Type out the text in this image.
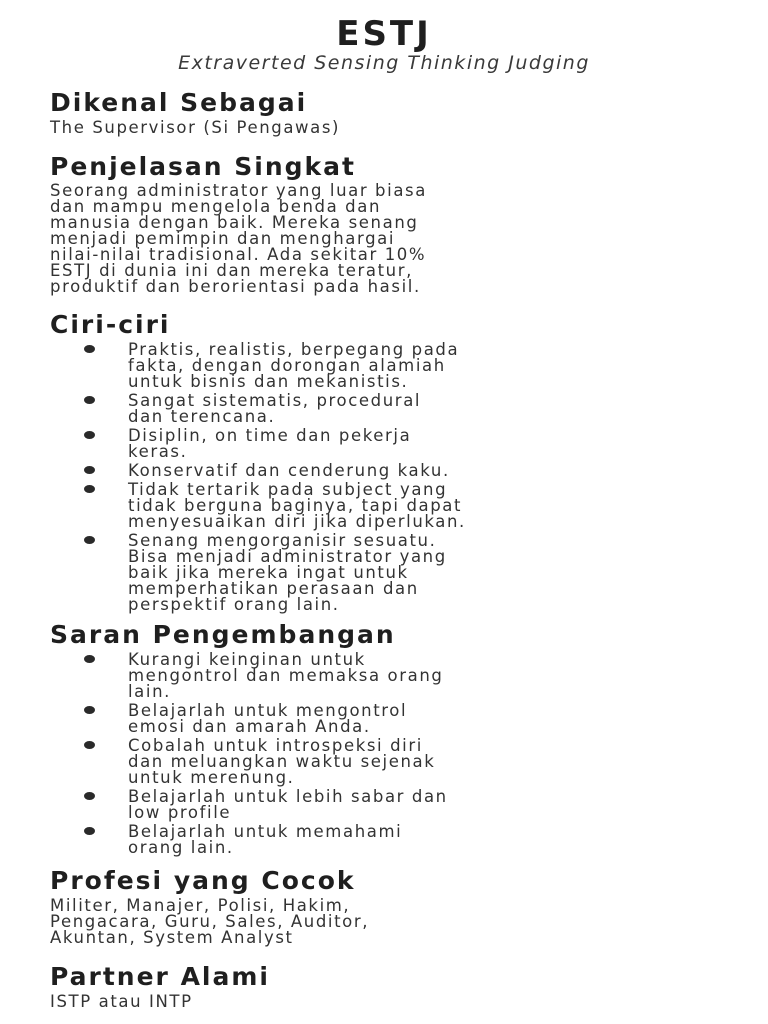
ESTJ
Extraverted Sensing Thinking Judging
Dikenal Sebagai
The Supervisor (Si Pengawas)
Penjelasan Singkat
Seorang administrator yang luar biasa
dan mampu mengelola benda dan
manusia dengan baik. Mereka senang
menjadi pemimpin dan menghargai
nilai-nilai tradisional. Ada sekitar 10%
ESTJ di dunia ini dan mereka teratur,
produktif dan berorientasi pada hasil.
Ciri-ciri
Praktis, realistis, berpegang pada
fakta, dengan dorongan alamiah
untuk bisnis dan mekanistis.
Sangat sistematis, procedural
dan terencana.
Disiplin, on time dan pekerja
keras.
Konservatif dan cenderung kaku.
Tidak tertarik pada subject yang
tidak berguna baginya, tapi dapat
menyesuaikan diri jika diperlukan.
Senang mengorganisir sesuatu.
Bisa menjadi administrator yang
baik jika mereka ingat untuk
memperhatikan perasaan dan
perspektif orang lain.
Saran Pengembangan
Kurangi keinginan untuk
mengontrol dan memaksa orang
lain.
Belajarlah untuk mengontrol
emosi dan amarah Anda.
Cobalah untuk introspeksi diri
dan meluangkan waktu sejenak
untuk merenung.
Belajarlah untuk lebih sabar dan
low profile
Belajarlah untuk memahami
orang lain.
Profesi yang Cocok
Militer, Manajer, Polisi, Hakim,
Pengacara, Guru, Sales, Auditor,
Akuntan, System Analyst
Partner Alami
ISTP atau INTP
